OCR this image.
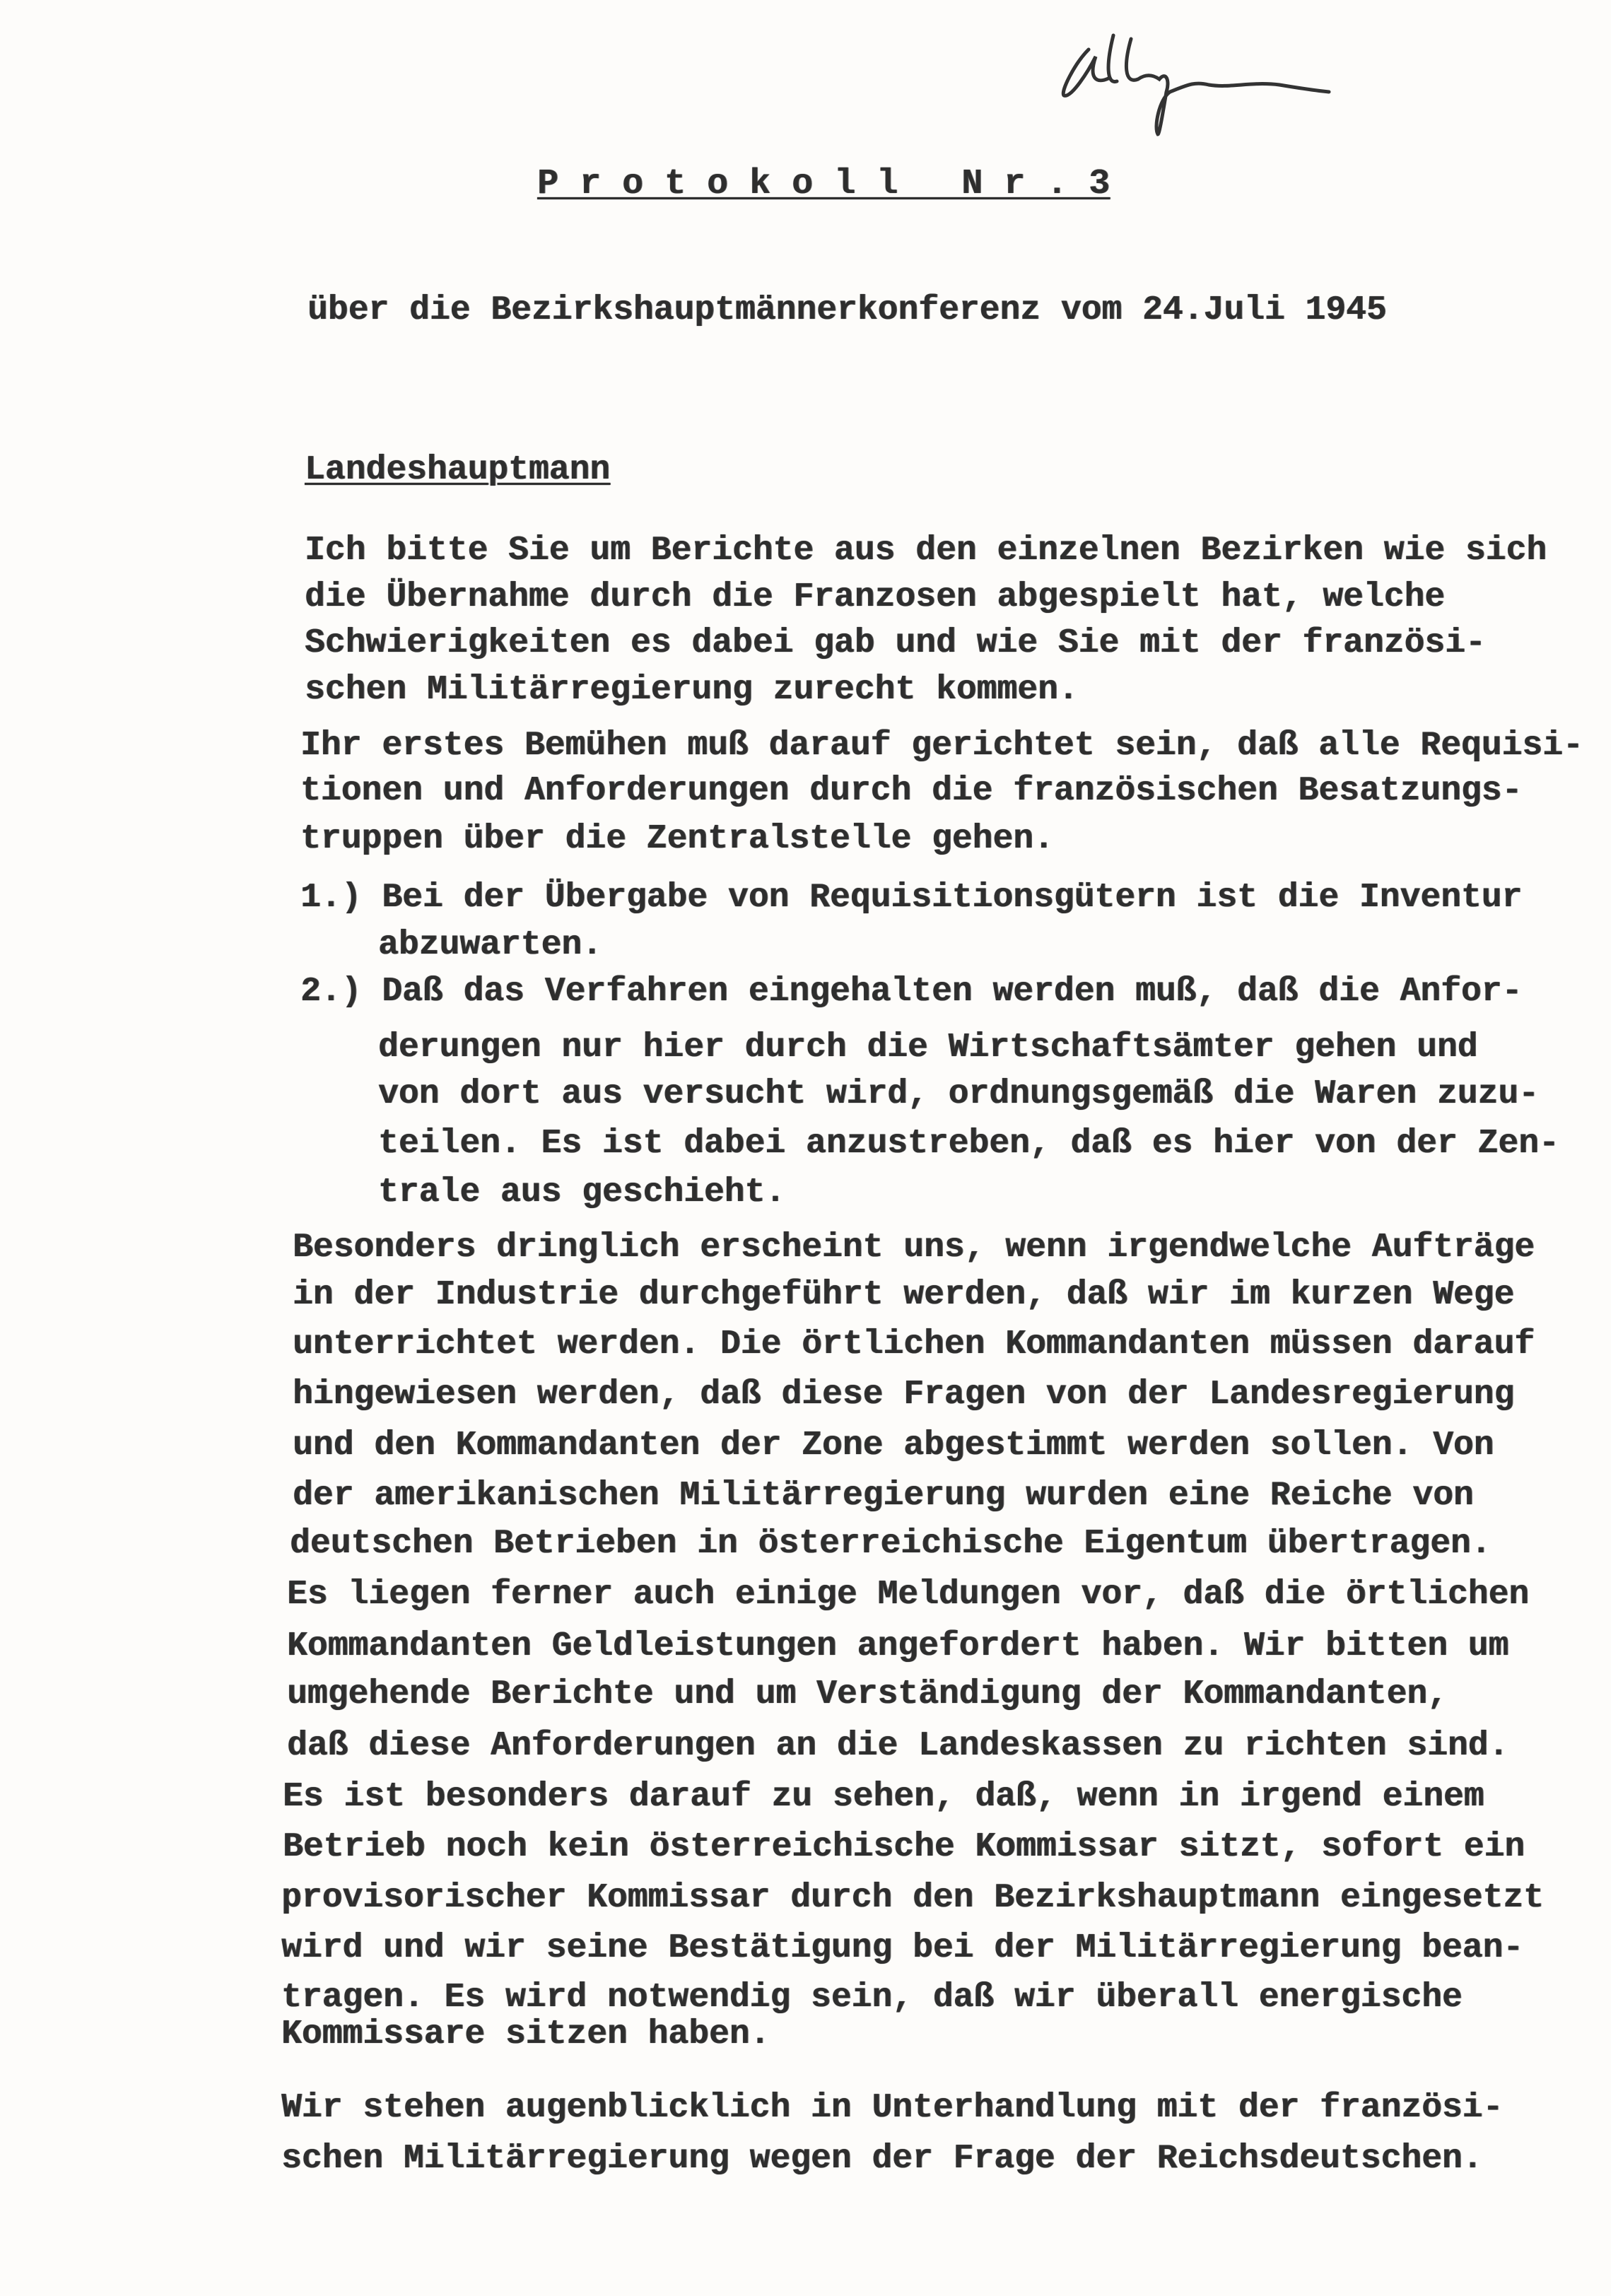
P r o t o k o l l   N r . 3
über die Bezirkshauptmännerkonferenz vom 24.Juli 1945
Landeshauptmann
Ich bitte Sie um Berichte aus den einzelnen Bezirken wie sich
die Übernahme durch die Franzosen abgespielt hat, welche
Schwierigkeiten es dabei gab und wie Sie mit der französi-
schen Militärregierung zurecht kommen.
Ihr erstes Bemühen muß darauf gerichtet sein, daß alle Requisi-
tionen und Anforderungen durch die französischen Besatzungs-
truppen über die Zentralstelle gehen.
1.) Bei der Übergabe von Requisitionsgütern ist die Inventur
abzuwarten.
2.) Daß das Verfahren eingehalten werden muß, daß die Anfor-
derungen nur hier durch die Wirtschaftsämter gehen und
von dort aus versucht wird, ordnungsgemäß die Waren zuzu-
teilen. Es ist dabei anzustreben, daß es hier von der Zen-
trale aus geschieht.
Besonders dringlich erscheint uns, wenn irgendwelche Aufträge
in der Industrie durchgeführt werden, daß wir im kurzen Wege
unterrichtet werden. Die örtlichen Kommandanten müssen darauf
hingewiesen werden, daß diese Fragen von der Landesregierung
und den Kommandanten der Zone abgestimmt werden sollen. Von
der amerikanischen Militärregierung wurden eine Reiche von
deutschen Betrieben in österreichische Eigentum übertragen.
Es liegen ferner auch einige Meldungen vor, daß die örtlichen
Kommandanten Geldleistungen angefordert haben. Wir bitten um
umgehende Berichte und um Verständigung der Kommandanten,
daß diese Anforderungen an die Landeskassen zu richten sind.
Es ist besonders darauf zu sehen, daß, wenn in irgend einem
Betrieb noch kein österreichische Kommissar sitzt, sofort ein
provisorischer Kommissar durch den Bezirkshauptmann eingesetzt
wird und wir seine Bestätigung bei der Militärregierung bean-
tragen. Es wird notwendig sein, daß wir überall energische
Kommissare sitzen haben.
Wir stehen augenblicklich in Unterhandlung mit der französi-
schen Militärregierung wegen der Frage der Reichsdeutschen.
